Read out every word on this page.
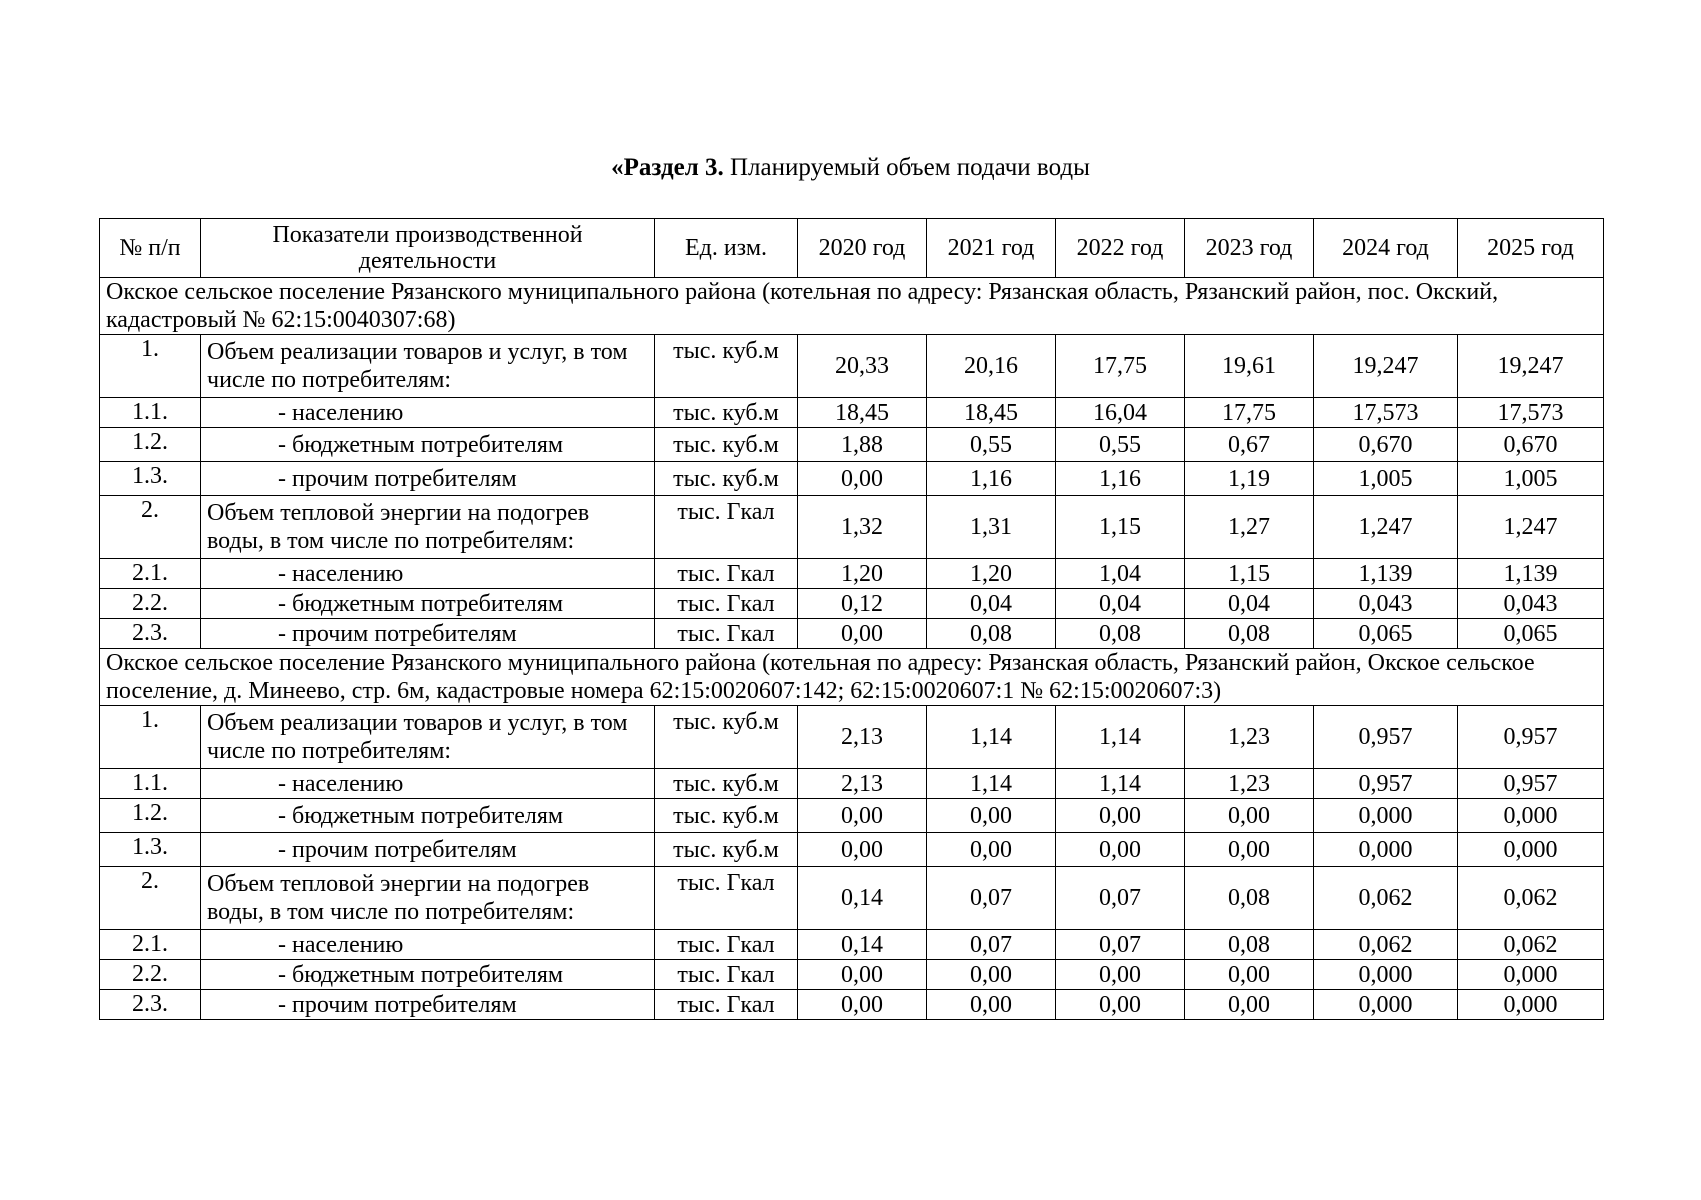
«Раздел 3. Планируемый объем подачи воды
№ п/п	Показатели производственной деятельности	Ед. изм.	2020 год	2021 год	2022 год	2023 год	2024 год	2025 год
Окское сельское поселение Рязанского муниципального района (котельная по адресу: Рязанская область, Рязанский район, пос. Окский, кадастровый № 62:15:0040307:68)								
1.	Объем реализации товаров и услуг, в том числе по потребителям:	тыс. куб.м	20,33	20,16	17,75	19,61	19,247	19,247
1.1.	- населению	тыс. куб.м	18,45	18,45	16,04	17,75	17,573	17,573
1.2.	- бюджетным потребителям	тыс. куб.м	1,88	0,55	0,55	0,67	0,670	0,670
1.3.	- прочим потребителям	тыс. куб.м	0,00	1,16	1,16	1,19	1,005	1,005
2.	Объем тепловой энергии на подогрев воды, в том числе по потребителям:	тыс. Гкал	1,32	1,31	1,15	1,27	1,247	1,247
2.1.	- населению	тыс. Гкал	1,20	1,20	1,04	1,15	1,139	1,139
2.2.	- бюджетным потребителям	тыс. Гкал	0,12	0,04	0,04	0,04	0,043	0,043
2.3.	- прочим потребителям	тыс. Гкал	0,00	0,08	0,08	0,08	0,065	0,065
Окское сельское поселение Рязанского муниципального района (котельная по адресу: Рязанская область, Рязанский район, Окское сельское поселение, д. Минеево, стр. 6м, кадастровые номера 62:15:0020607:142; 62:15:0020607:1 № 62:15:0020607:3)								
1.	Объем реализации товаров и услуг, в том числе по потребителям:	тыс. куб.м	2,13	1,14	1,14	1,23	0,957	0,957
1.1.	- населению	тыс. куб.м	2,13	1,14	1,14	1,23	0,957	0,957
1.2.	- бюджетным потребителям	тыс. куб.м	0,00	0,00	0,00	0,00	0,000	0,000
1.3.	- прочим потребителям	тыс. куб.м	0,00	0,00	0,00	0,00	0,000	0,000
2.	Объем тепловой энергии на подогрев воды, в том числе по потребителям:	тыс. Гкал	0,14	0,07	0,07	0,08	0,062	0,062
2.1.	- населению	тыс. Гкал	0,14	0,07	0,07	0,08	0,062	0,062
2.2.	- бюджетным потребителям	тыс. Гкал	0,00	0,00	0,00	0,00	0,000	0,000
2.3.	- прочим потребителям	тыс. Гкал	0,00	0,00	0,00	0,00	0,000	0,000
